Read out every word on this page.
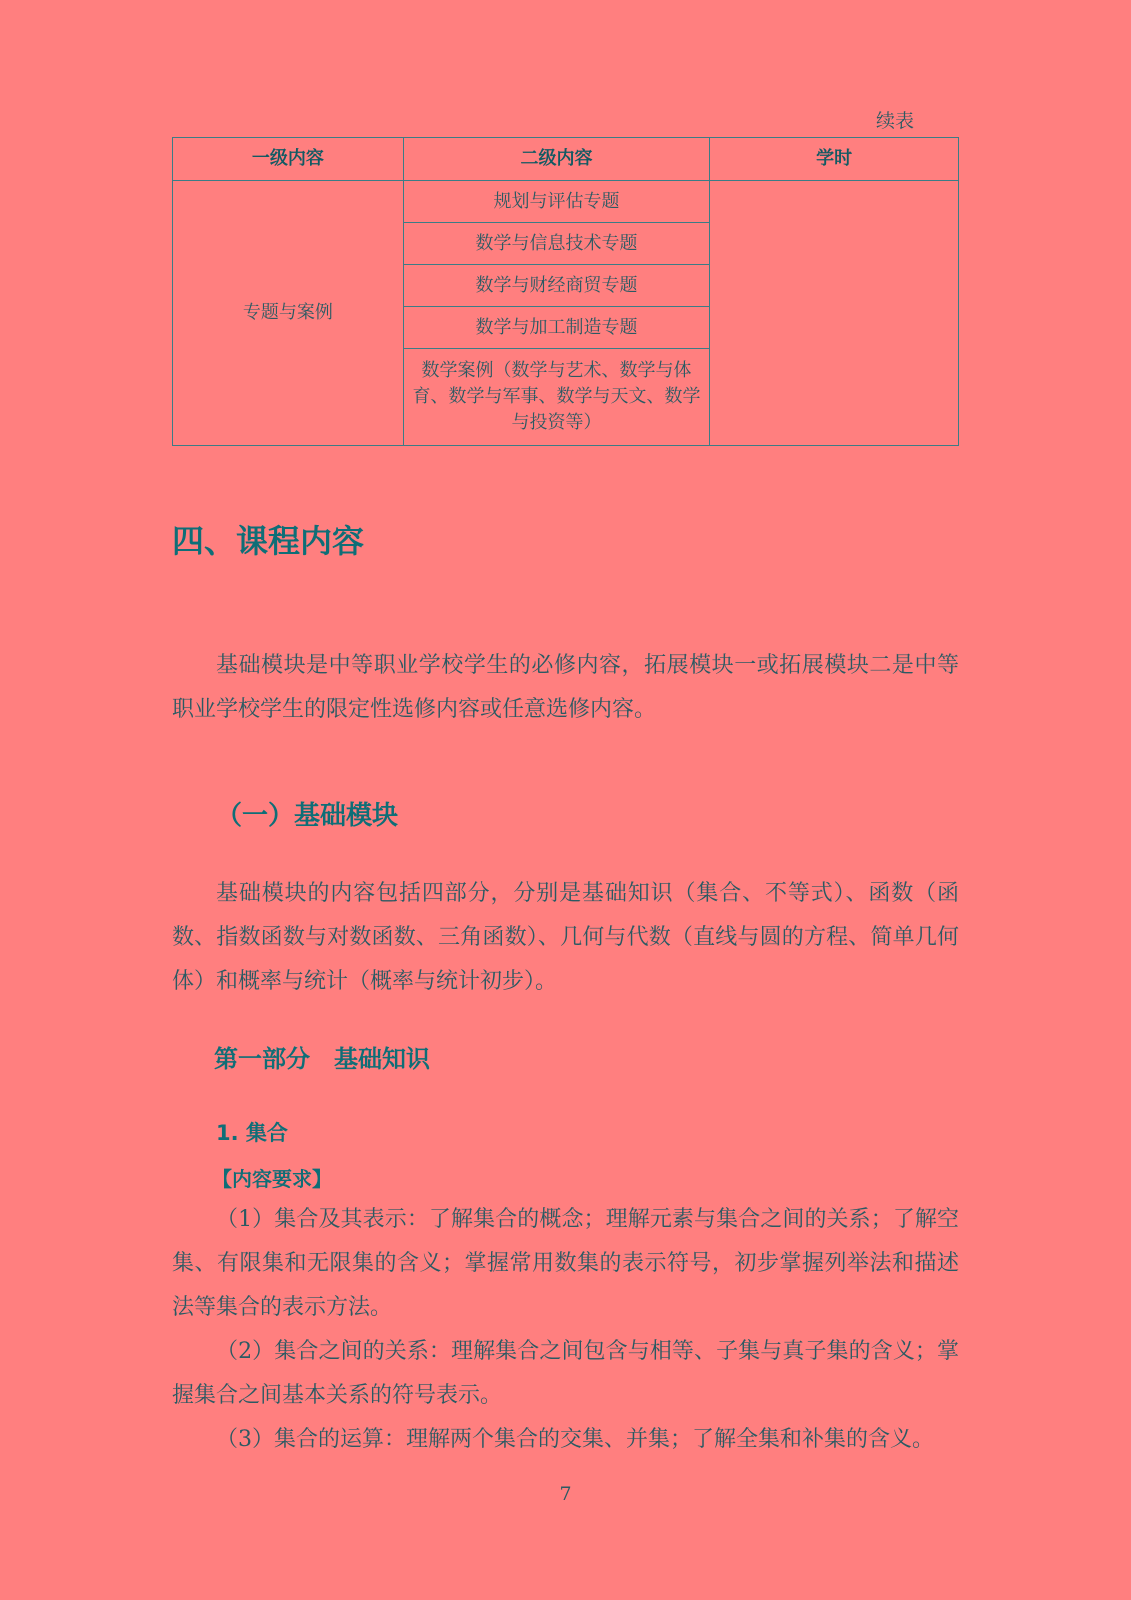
续表
一级内容	二级内容	学时
专题与案例	规划与评估专题	
	数学与信息技术专题	
	数学与财经商贸专题	
	数学与加工制造专题	
	数学案例（数学与艺术、数学与体育、数学与军事、数学与天文、数学与投资等）	
四、课程内容

基础模块是中等职业学校学生的必修内容，拓展模块一或拓展模块二是中等职业学校学生的限定性选修内容或任意选修内容。

（一）基础模块

基础模块的内容包括四部分，分别是基础知识（集合、不等式）、函数（函数、指数函数与对数函数、三角函数）、几何与代数（直线与圆的方程、简单几何体）和概率与统计（概率与统计初步）。

第一部分　基础知识
1. 集合
【内容要求】

（1）集合及其表示：了解集合的概念；理解元素与集合之间的关系；了解空集、有限集和无限集的含义；掌握常用数集的表示符号，初步掌握列举法和描述法等集合的表示方法。

（2）集合之间的关系：理解集合之间包含与相等、子集与真子集的含义；掌握集合之间基本关系的符号表示。

（3）集合的运算：理解两个集合的交集、并集；了解全集和补集的含义。

7
